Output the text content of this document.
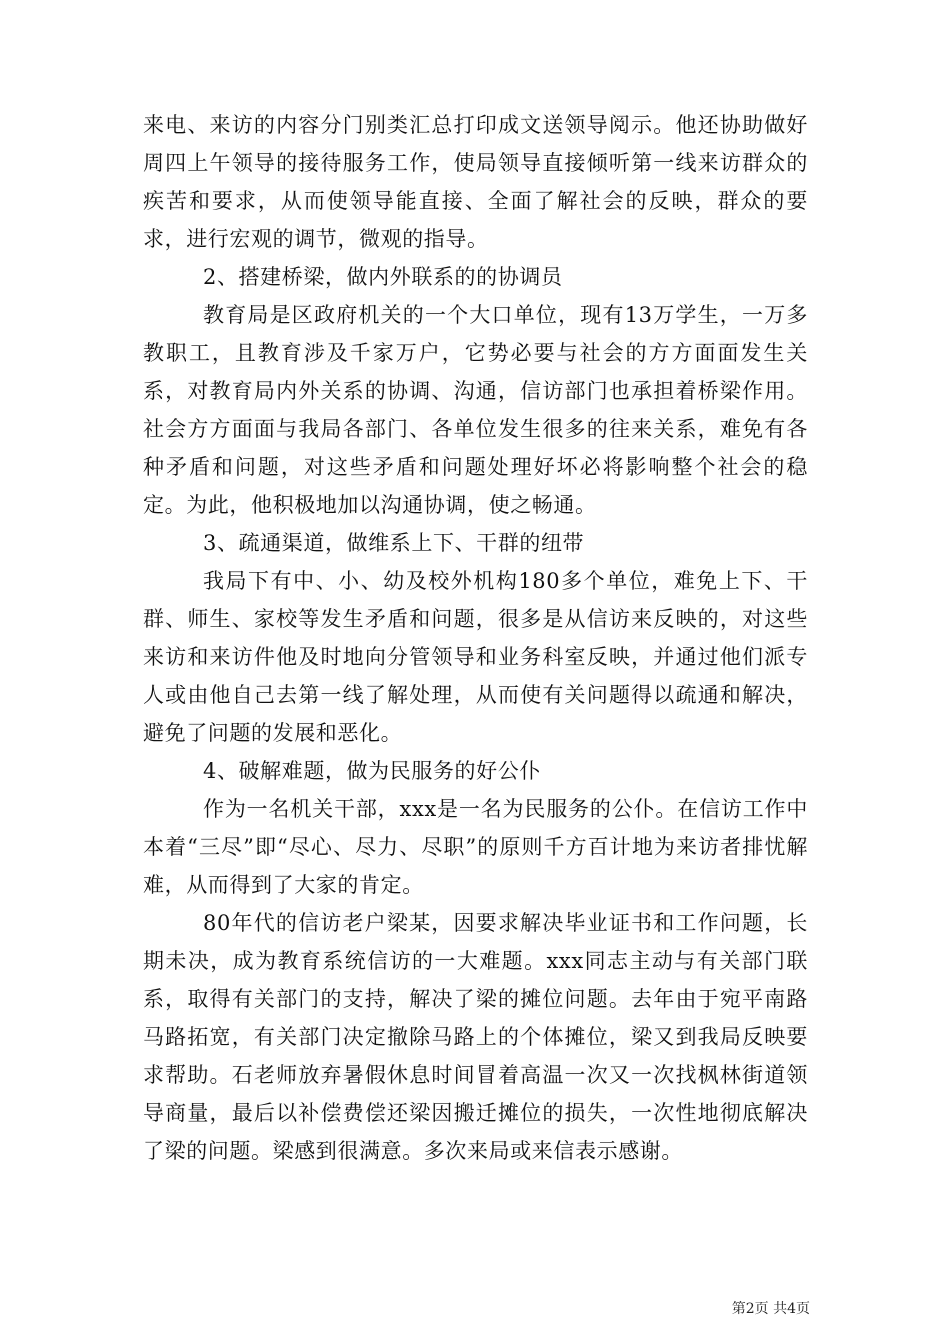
来电、来访的内容分门别类汇总打印成文送领导阅示。他还协助做好周四上午领导的接待服务工作，使局领导直接倾听第一线来访群众的疾苦和要求，从而使领导能直接、全面了解社会的反映，群众的要求，进行宏观的调节，微观的指导。

2、搭建桥梁，做内外联系的的协调员

教育局是区政府机关的一个大口单位，现有13万学生，一万多教职工，且教育涉及千家万户，它势必要与社会的方方面面发生关系，对教育局内外关系的协调、沟通，信访部门也承担着桥梁作用。社会方方面面与我局各部门、各单位发生很多的往来关系，难免有各种矛盾和问题，对这些矛盾和问题处理好坏必将影响整个社会的稳定。为此，他积极地加以沟通协调，使之畅通。

3、疏通渠道，做维系上下、干群的纽带

我局下有中、小、幼及校外机构180多个单位，难免上下、干群、师生、家校等发生矛盾和问题，很多是从信访来反映的，对这些来访和来访件他及时地向分管领导和业务科室反映，并通过他们派专人或由他自己去第一线了解处理，从而使有关问题得以疏通和解决，避免了问题的发展和恶化。

4、破解难题，做为民服务的好公仆

作为一名机关干部，xxx是一名为民服务的公仆。在信访工作中本着“三尽”即“尽心、尽力、尽职”的原则千方百计地为来访者排忧解难，从而得到了大家的肯定。

80年代的信访老户梁某，因要求解决毕业证书和工作问题，长期未决，成为教育系统信访的一大难题。xxx同志主动与有关部门联系，取得有关部门的支持，解决了梁的摊位问题。去年由于宛平南路马路拓宽，有关部门决定撤除马路上的个体摊位，梁又到我局反映要求帮助。石老师放弃暑假休息时间冒着高温一次又一次找枫林街道领导商量，最后以补偿费偿还梁因搬迁摊位的损失，一次性地彻底解决了梁的问题。梁感到很满意。多次来局或来信表示感谢。

第2页 共4页
